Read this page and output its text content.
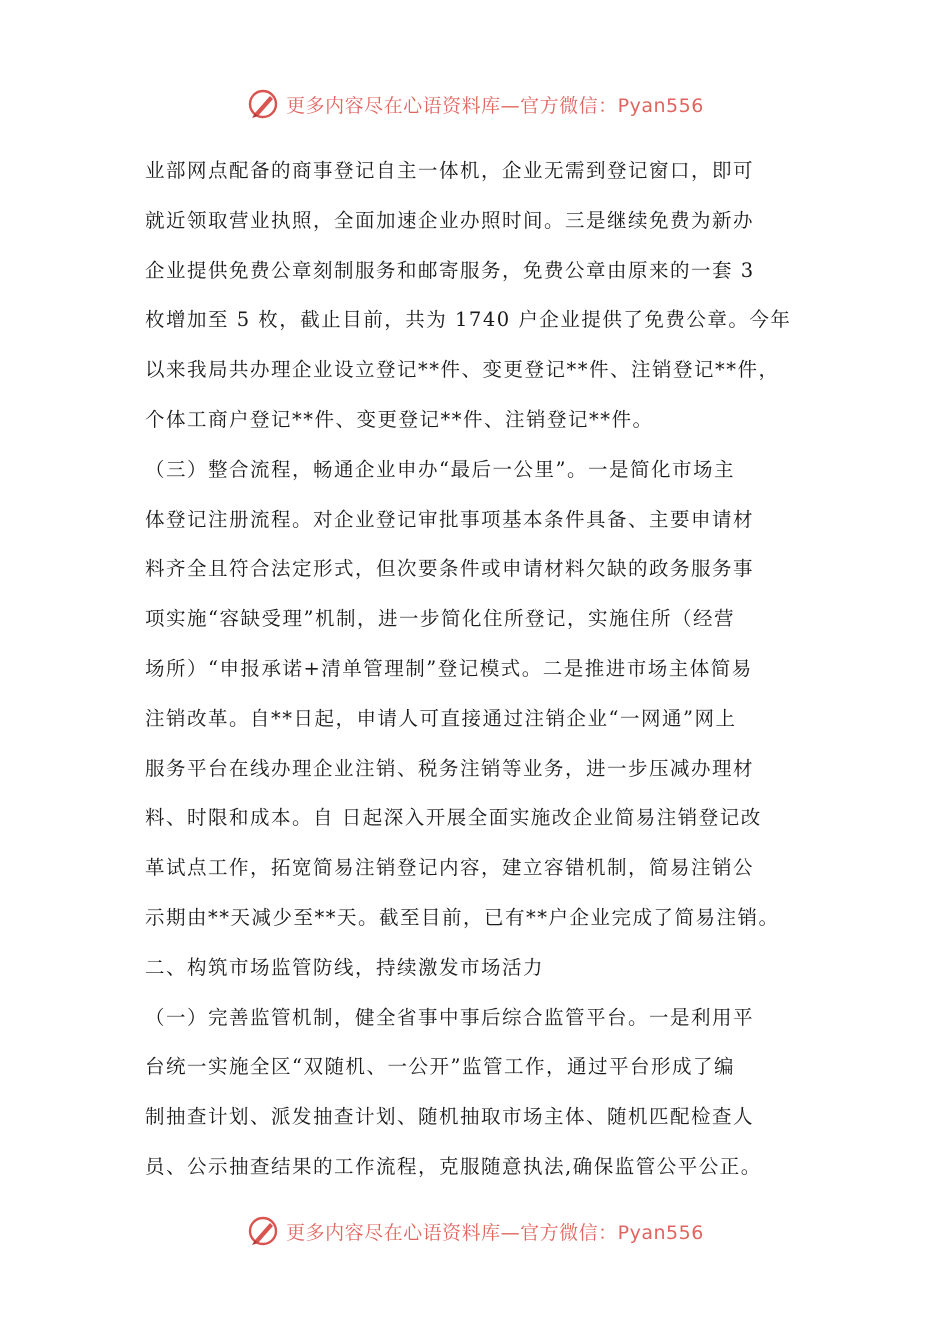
更多内容尽在心语资料库—官方微信：Pyan556
业部网点配备的商事登记自主一体机，企业无需到登记窗口，即可
就近领取营业执照，全面加速企业办照时间。三是继续免费为新办
企业提供免费公章刻制服务和邮寄服务，免费公章由原来的一套 3
枚增加至 5 枚，截止目前，共为 1740 户企业提供了免费公章。今年
以来我局共办理企业设立登记**件、变更登记**件、注销登记**件，
个体工商户登记**件、变更登记**件、注销登记**件。
（三）整合流程，畅通企业申办“最后一公里”。一是简化市场主
体登记注册流程。对企业登记审批事项基本条件具备、主要申请材
料齐全且符合法定形式，但次要条件或申请材料欠缺的政务服务事
项实施“容缺受理”机制，进一步简化住所登记，实施住所（经营
场所）“申报承诺+清单管理制”登记模式。二是推进市场主体简易
注销改革。自**日起，申请人可直接通过注销企业“一网通”网上
服务平台在线办理企业注销、税务注销等业务，进一步压减办理材
料、时限和成本。自 日起深入开展全面实施改企业简易注销登记改
革试点工作，拓宽简易注销登记内容，建立容错机制，简易注销公
示期由**天减少至**天。截至目前，已有**户企业完成了简易注销。
二、构筑市场监管防线，持续激发市场活力
（一）完善监管机制，健全省事中事后综合监管平台。一是利用平
台统一实施全区“双随机、一公开”监管工作，通过平台形成了编
制抽查计划、派发抽查计划、随机抽取市场主体、随机匹配检查人
员、公示抽查结果的工作流程，克服随意执法,确保监管公平公正。
更多内容尽在心语资料库—官方微信：Pyan556
